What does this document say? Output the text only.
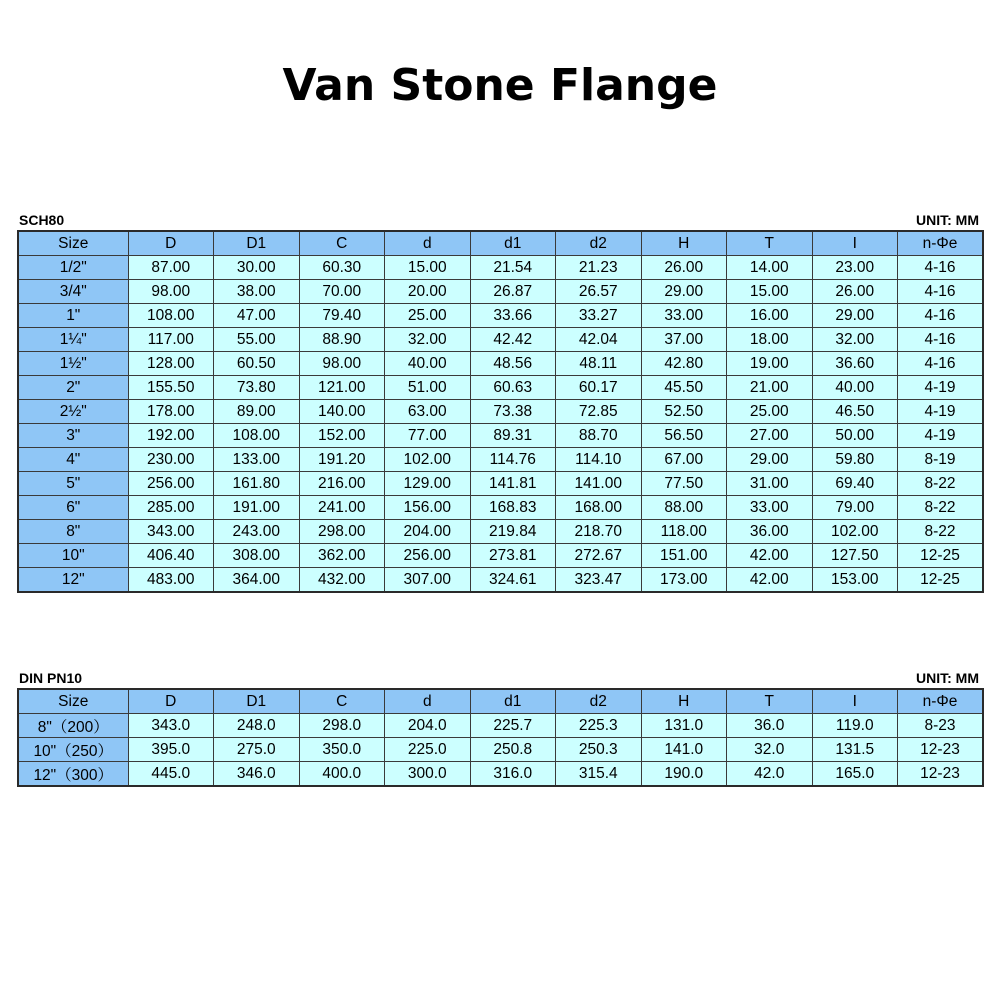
Van Stone Flange
SCH80	UNIT: MM
Size	D	D1	C	d	d1	d2	H	T	I	n-Φe
1/2"	87.00	30.00	60.30	15.00	21.54	21.23	26.00	14.00	23.00	4-16
3/4"	98.00	38.00	70.00	20.00	26.87	26.57	29.00	15.00	26.00	4-16
1"	108.00	47.00	79.40	25.00	33.66	33.27	33.00	16.00	29.00	4-16
1¼"	117.00	55.00	88.90	32.00	42.42	42.04	37.00	18.00	32.00	4-16
1½"	128.00	60.50	98.00	40.00	48.56	48.11	42.80	19.00	36.60	4-16
2"	155.50	73.80	121.00	51.00	60.63	60.17	45.50	21.00	40.00	4-19
2½"	178.00	89.00	140.00	63.00	73.38	72.85	52.50	25.00	46.50	4-19
3"	192.00	108.00	152.00	77.00	89.31	88.70	56.50	27.00	50.00	4-19
4"	230.00	133.00	191.20	102.00	114.76	114.10	67.00	29.00	59.80	8-19
5"	256.00	161.80	216.00	129.00	141.81	141.00	77.50	31.00	69.40	8-22
6"	285.00	191.00	241.00	156.00	168.83	168.00	88.00	33.00	79.00	8-22
8"	343.00	243.00	298.00	204.00	219.84	218.70	118.00	36.00	102.00	8-22
10"	406.40	308.00	362.00	256.00	273.81	272.67	151.00	42.00	127.50	12-25
12"	483.00	364.00	432.00	307.00	324.61	323.47	173.00	42.00	153.00	12-25
DIN PN10	UNIT: MM
Size	D	D1	C	d	d1	d2	H	T	I	n-Φe
8"（200）	343.0	248.0	298.0	204.0	225.7	225.3	131.0	36.0	119.0	8-23
10"（250）	395.0	275.0	350.0	225.0	250.8	250.3	141.0	32.0	131.5	12-23
12"（300）	445.0	346.0	400.0	300.0	316.0	315.4	190.0	42.0	165.0	12-23
